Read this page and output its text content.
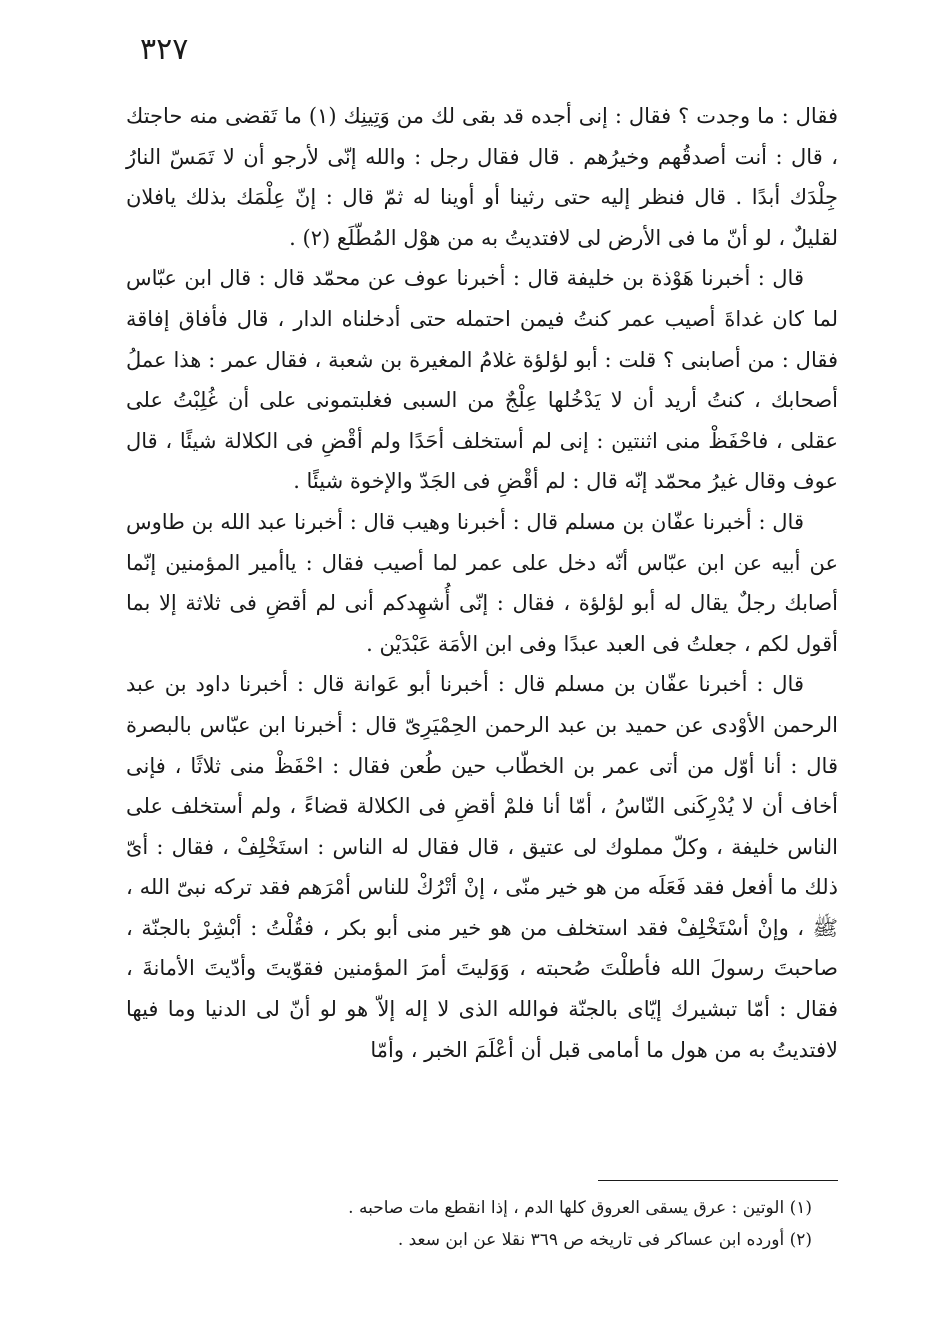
٣٢٧

فقال : ما وجدت ؟ فقال : إنى أجده قد بقى لك من وَتِينِك (١) ما تَقضى منه حاجتك ، قال : أنت أصدقُهم وخيرُهم . قال فقال رجل : والله إنّى لأرجو أن لا تَمَسّ النارُ جِلْدَك أبدًا . قال فنظر إليه حتى رثينا أو أوينا له ثمّ قال : إنّ عِلْمَك بذلك يافلان لقليلٌ ، لو أنّ ما فى الأرض لى لافتديتُ به من هوْل المُطّلَع (٢) .

قال : أخبرنا هَوْذة بن خليفة قال : أخبرنا عوف عن محمّد قال : قال ابن عبّاس لما كان غداةَ أصيب عمر كنتُ فيمن احتمله حتى أدخلناه الدار ، قال فأفاق إفاقة فقال : من أصابنى ؟ قلت : أبو لؤلؤة غلامُ المغيرة بن شعبة ، فقال عمر : هذا عملُ أصحابك ، كنتُ أريد أن لا يَدْخُلها عِلْجٌ من السبى فغلبتمونى على أن غُلِبْتُ على عقلى ، فاحْفَظْ منى اثنتين : إنى لم أستخلف أحَدًا ولم أقْضِ فى الكلالة شيئًا ، قال عوف وقال غيرُ محمّد إنّه قال : لم أقْضِ فى الجَدّ والإخوة شيئًا .

قال : أخبرنا عفّان بن مسلم قال : أخبرنا وهيب قال : أخبرنا عبد الله بن طاوس عن أبيه عن ابن عبّاس أنّه دخل على عمر لما أصيب فقال : ياأمير المؤمنين إنّما أصابك رجلٌ يقال له أبو لؤلؤة ، فقال : إنّى أُشهِدكم أنى لم أقضِ فى ثلاثة إلا بما أقول لكم ، جعلتُ فى العبد عبدًا وفى ابن الأمَة عَبْدَيْن .

قال : أخبرنا عفّان بن مسلم قال : أخبرنا أبو عَوانة قال : أخبرنا داود بن عبد الرحمن الأوْدى عن حميد بن عبد الرحمن الحِمْيَرِىّ قال : أخبرنا ابن عبّاس بالبصرة قال : أنا أوّل من أتى عمر بن الخطّاب حين طُعن فقال : احْفَظْ منى ثلاثًا ، فإنى أخاف أن لا يُدْرِكَنى النّاسُ ، أمّا أنا فلمْ أقضِ فى الكلالة قضاءً ، ولم أستخلف على الناس خليفة ، وكلّ مملوك لى عتيق ، قال فقال له الناس : استَخْلِفْ ، فقال : أىّ ذلك ما أفعل فقد فَعَلَه من هو خير منّى ، إنْ أتْرُكْ للناس أمْرَهم فقد تركه نبىّ الله ، ﷺ ، وإنْ أسْتَخْلِفْ فقد استخلف من هو خير منى أبو بكر ، فقُلْتُ : أبْشِرْ بالجنّة ، صاحبتَ رسولَ الله فأطلْتَ صُحبته ، وَوَليتَ أمرَ المؤمنين فقوّيتَ وأدّيتَ الأمانةَ ، فقال : أمّا تبشيرك إيّاى بالجنّة فوالله الذى لا إله إلاّ هو لو أنّ لى الدنيا وما فيها لافتديتُ به من هول ما أمامى قبل أن أعْلَمَ الخبر ، وأمّا

(١) الوتين : عرق يسقى العروق كلها الدم ، إذا انقطع مات صاحبه .

(٢) أورده ابن عساكر فى تاريخه ص ٣٦٩ نقلا عن ابن سعد .
